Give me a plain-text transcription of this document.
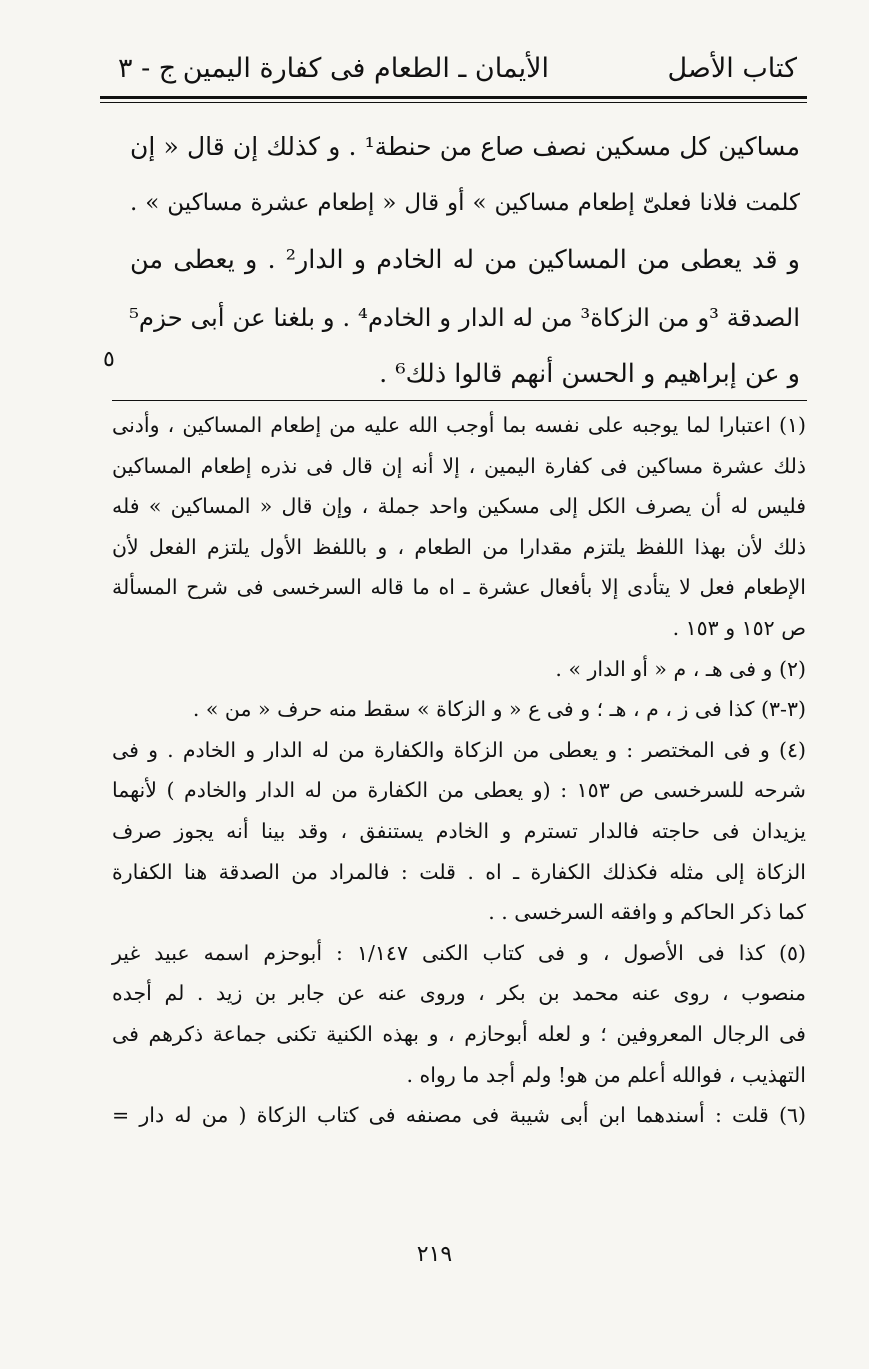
كتاب الأصل
الأيمان ـ الطعام فى كفارة اليمين
ج - ٣
مساكين كل مسكين نصف صاع من حنطة¹ . و كذلك إن قال « إن
كلمت فلانا فعلىّ إطعام مساكين » أو قال « إطعام عشرة مساكين » .
و قد يعطى من المساكين من له الخادم و الدار² . و يعطى من
الصدقة ³و من الزكاة³ من له الدار و الخادم⁴ . و بلغنا عن أبى حزم⁵
و عن إبراهيم و الحسن أنهم قالوا ذلك⁶ .
٥
(١) اعتبارا لما يوجبه على نفسه بما أوجب الله عليه من إطعام المساكين ، وأدنى
ذلك عشرة مساكين فى كفارة اليمين ، إلا أنه إن قال فى نذره إطعام المساكين
فليس له أن يصرف الكل إلى مسكين واحد جملة ، وإن قال « المساكين » فله
ذلك لأن بهذا اللفظ يلتزم مقدارا من الطعام ، و باللفظ الأول يلتزم الفعل لأن
الإطعام فعل لا يتأدى إلا بأفعال عشرة ـ اه ما قاله السرخسى فى شرح المسألة
ص ١٥٢ و ١٥٣ .
(٢) و فى هـ ، م « أو الدار » .
(٣-٣) كذا فى ز ، م ، هـ ؛ و فى ع « و الزكاة » سقط منه حرف « من » .
(٤) و فى المختصر : و يعطى من الزكاة والكفارة من له الدار و الخادم . و فى
شرحه للسرخسى ص ١٥٣ : (و يعطى من الكفارة من له الدار والخادم ) لأنهما
يزيدان فى حاجته فالدار تسترم و الخادم يستنفق ، وقد بينا أنه يجوز صرف
الزكاة إلى مثله فكذلك الكفارة ـ اه . قلت : فالمراد من الصدقة هنا الكفارة
كما ذكر الحاكم و وافقه السرخسى . .
(٥) كذا فى الأصول ، و فى كتاب الكنى ١/١٤٧ : أبوحزم اسمه عبيد غير
منصوب ، روى عنه محمد بن بكر ، وروى عنه عن جابر بن زيد . لم أجده
فى الرجال المعروفين ؛ و لعله أبوحازم ، و بهذه الكنية تكنى جماعة ذكرهم فى
التهذيب ، فوالله أعلم من هو! ولم أجد ما رواه .
(٦) قلت : أسندهما ابن أبى شيبة فى مصنفه فى كتاب الزكاة ( من له دار =
٢١٩
